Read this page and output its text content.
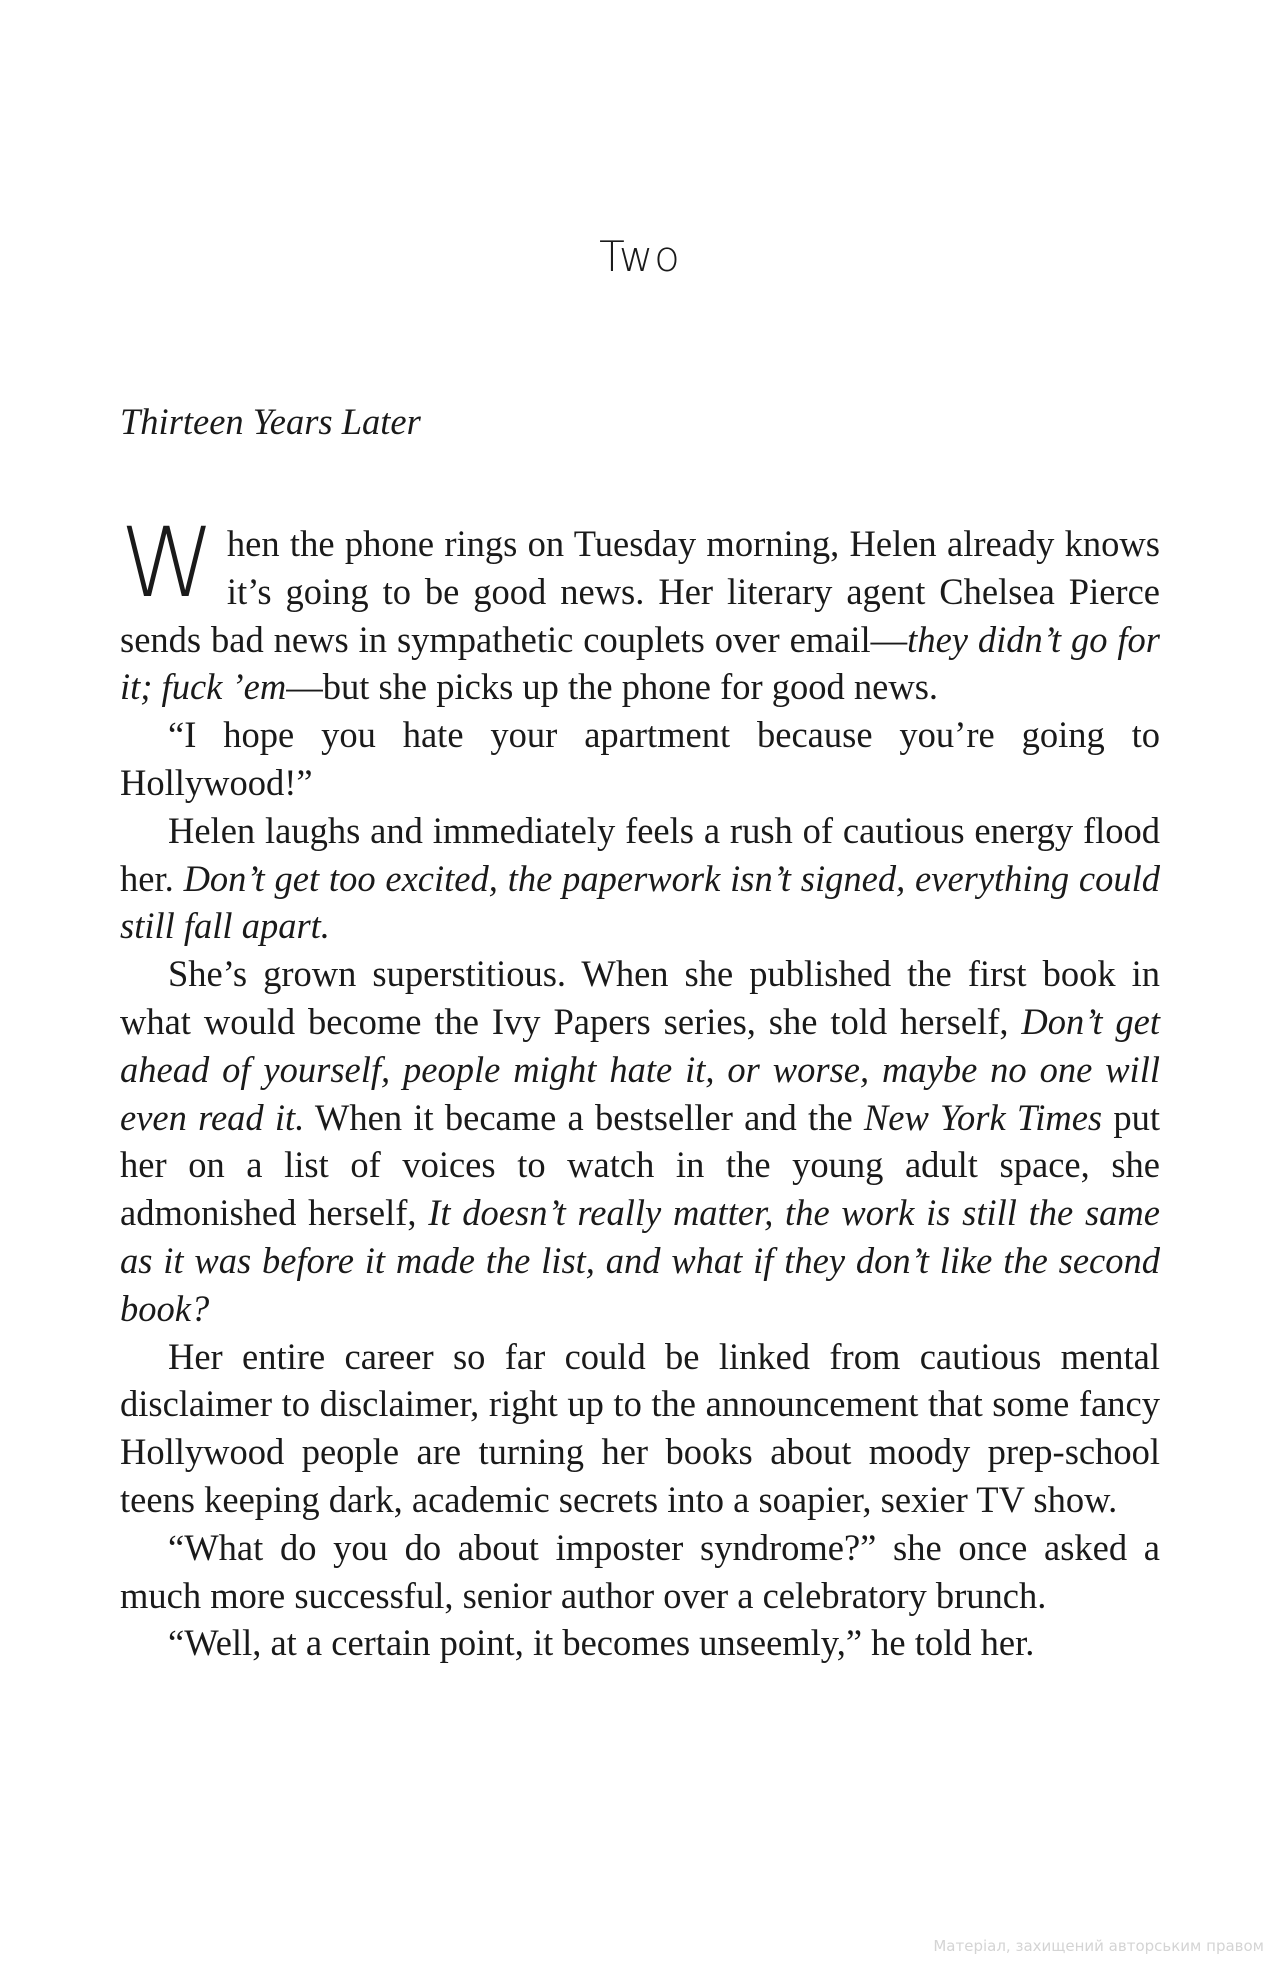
Two

Thirteen Years Later

When the phone rings on Tuesday morning, Helen already knows it’s going to be good news. Her literary agent Chelsea Pierce sends bad news in sympathetic couplets over email—they didn’t go for it; fuck ’em—but she picks up the phone for good news.

“I hope you hate your apartment because you’re going to Hollywood!”

Helen laughs and immediately feels a rush of cautious energy flood her. Don’t get too excited, the paperwork isn’t signed, everything could still fall apart.

She’s grown superstitious. When she published the first book in what would become the Ivy Papers series, she told herself, Don’t get ahead of yourself, people might hate it, or worse, maybe no one will even read it. When it became a bestseller and the New York Times put her on a list of voices to watch in the young adult space, she admonished herself, It doesn’t really matter, the work is still the same as it was before it made the list, and what if they don’t like the second book?

Her entire career so far could be linked from cautious mental disclaimer to disclaimer, right up to the announcement that some fancy Hollywood people are turning her books about moody prep-school teens keeping dark, academic secrets into a soapier, sexier TV show.

“What do you do about imposter syndrome?” she once asked a much more successful, senior author over a celebratory brunch.

“Well, at a certain point, it becomes unseemly,” he told her.

Матеріал, захищений авторським правом
